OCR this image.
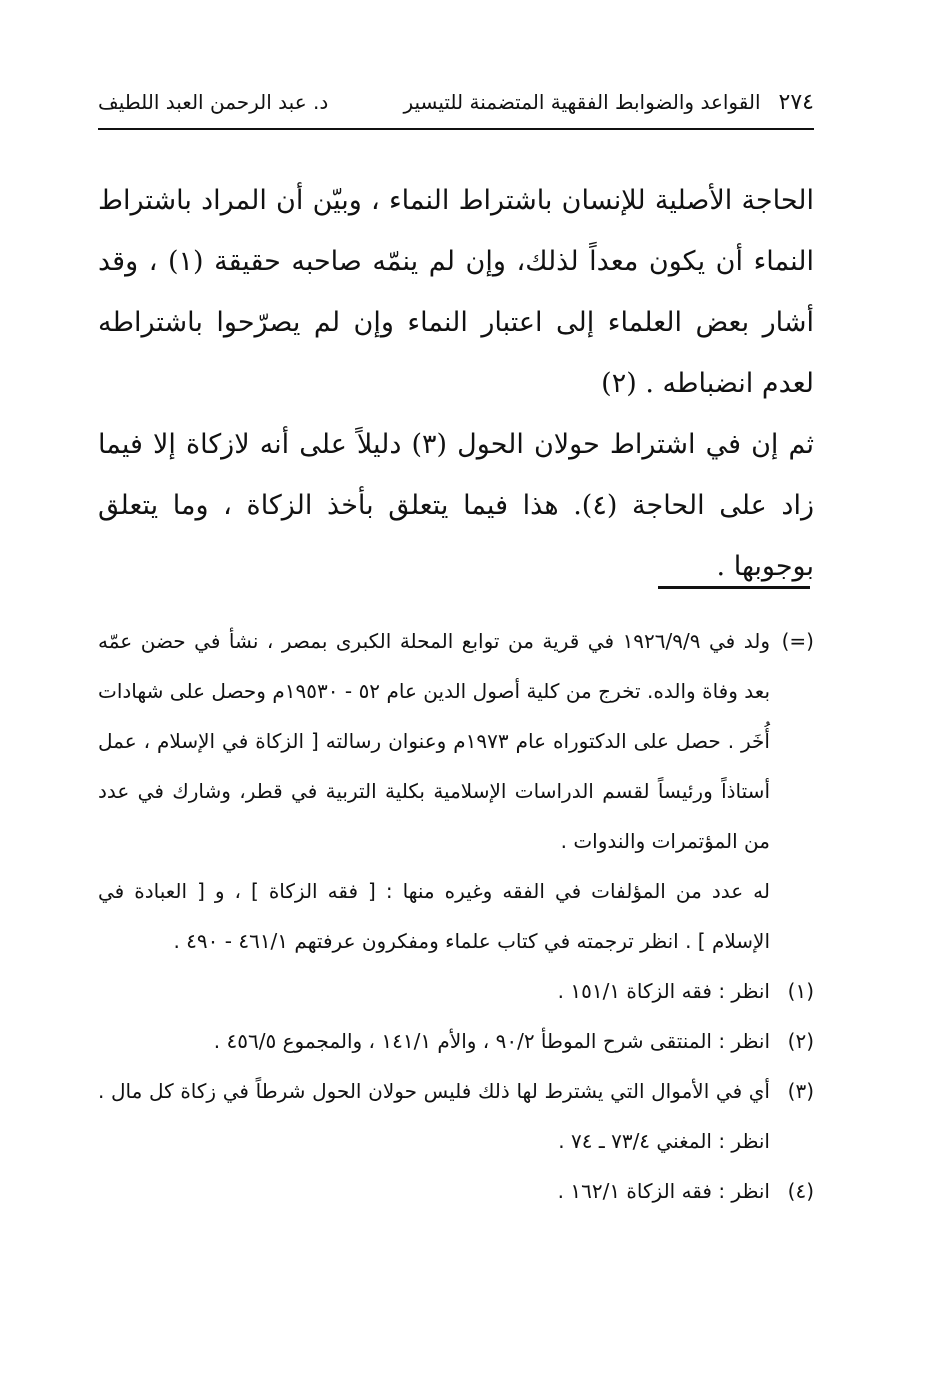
٢٧٤
القواعد والضوابط الفقهية المتضمنة للتيسير
د. عبد الرحمن العبد اللطيف

الحاجة الأصلية للإنسان باشتراط النماء ، وبيّن أن المراد باشتراط النماء أن يكون معداً لذلك، وإن لم ينمّه صاحبه حقيقة (١) ، وقد أشار بعض العلماء إلى اعتبار النماء وإن لم يصرّحوا باشتراطه لعدم انضباطه . (٢)

ثم إن في اشتراط حولان الحول (٣) دليلاً على أنه لازكاة إلا فيما زاد على الحاجة (٤). هذا فيما يتعلق بأخذ الزكاة ، وما يتعلق بوجوبها .

(=)

ولد في ١٩٢٦/٩/٩ في قرية من توابع المحلة الكبرى بمصر ، نشأ في حضن عمّه بعد وفاة والده. تخرج من كلية أصول الدين عام ٥٢ - ١٩٥٣٠م وحصل على شهادات أُخَر . حصل على الدكتوراه عام ١٩٧٣م وعنوان رسالته [ الزكاة في الإسلام ، عمل أستاذاً ورئيساً لقسم الدراسات الإسلامية بكلية التربية في قطر، وشارك في عدد من المؤتمرات والندوات .

له عدد من المؤلفات في الفقه وغيره منها : [ فقه الزكاة ] ، و [ العبادة في الإسلام ] . انظر ترجمته في كتاب علماء ومفكرون عرفتهم ٤٦١/١ - ٤٩٠ .

(١)

انظر : فقه الزكاة ١٥١/١ .

(٢)

انظر : المنتقى شرح الموطأ ٩٠/٢ ، والأم ١٤١/١ ، والمجموع ٤٥٦/٥ .

(٣)

أي في الأموال التي يشترط لها ذلك فليس حولان الحول شرطاً في زكاة كل مال . انظر : المغني ٧٣/٤ ـ ٧٤ .

(٤)

انظر : فقه الزكاة ١٦٢/١ .
